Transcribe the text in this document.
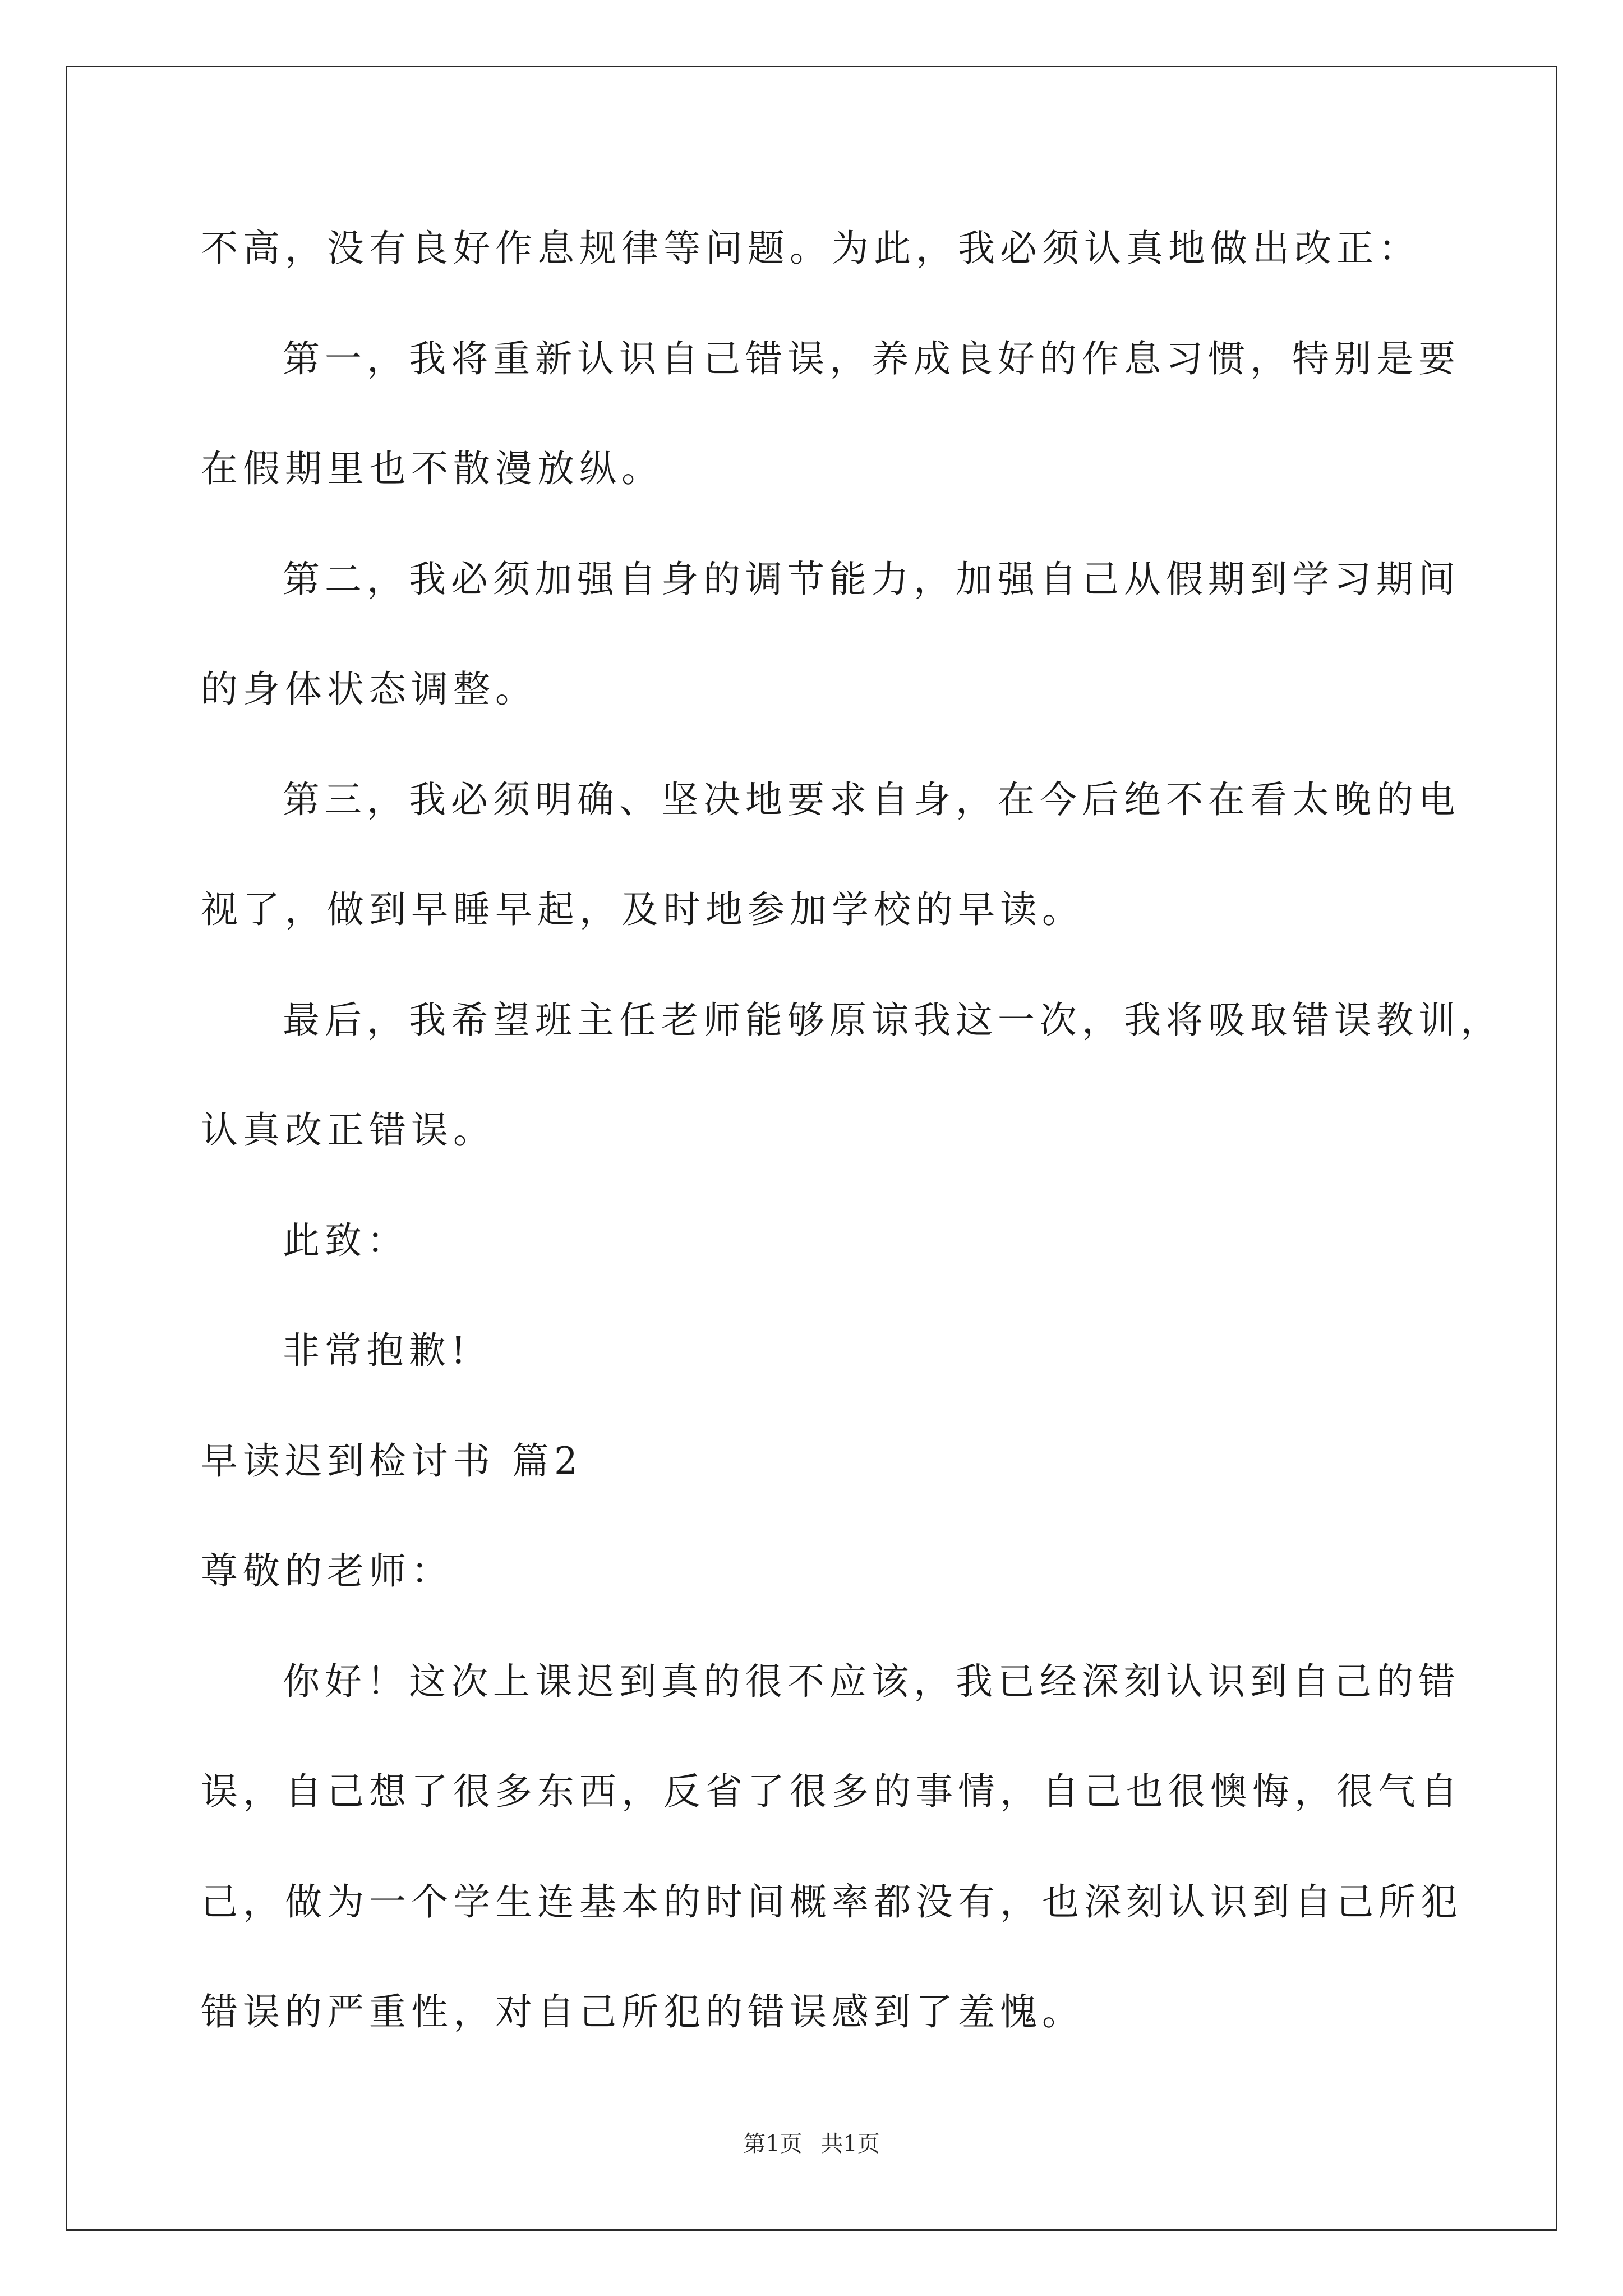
不高，没有良好作息规律等问题。为此，我必须认真地做出改正：
第一，我将重新认识自己错误，养成良好的作息习惯，特别是要
在假期里也不散漫放纵。
第二，我必须加强自身的调节能力，加强自己从假期到学习期间
的身体状态调整。
第三，我必须明确、坚决地要求自身，在今后绝不在看太晚的电
视了，做到早睡早起，及时地参加学校的早读。
最后，我希望班主任老师能够原谅我这一次，我将吸取错误教训，
认真改正错误。
此致：
非常抱歉!
早读迟到检讨书 篇2
尊敬的老师：
你好！这次上课迟到真的很不应该，我已经深刻认识到自己的错
误，自己想了很多东西，反省了很多的事情，自己也很懊悔，很气自
己，做为一个学生连基本的时间概率都没有，也深刻认识到自己所犯
错误的严重性，对自己所犯的错误感到了羞愧。
第1页 共1页
